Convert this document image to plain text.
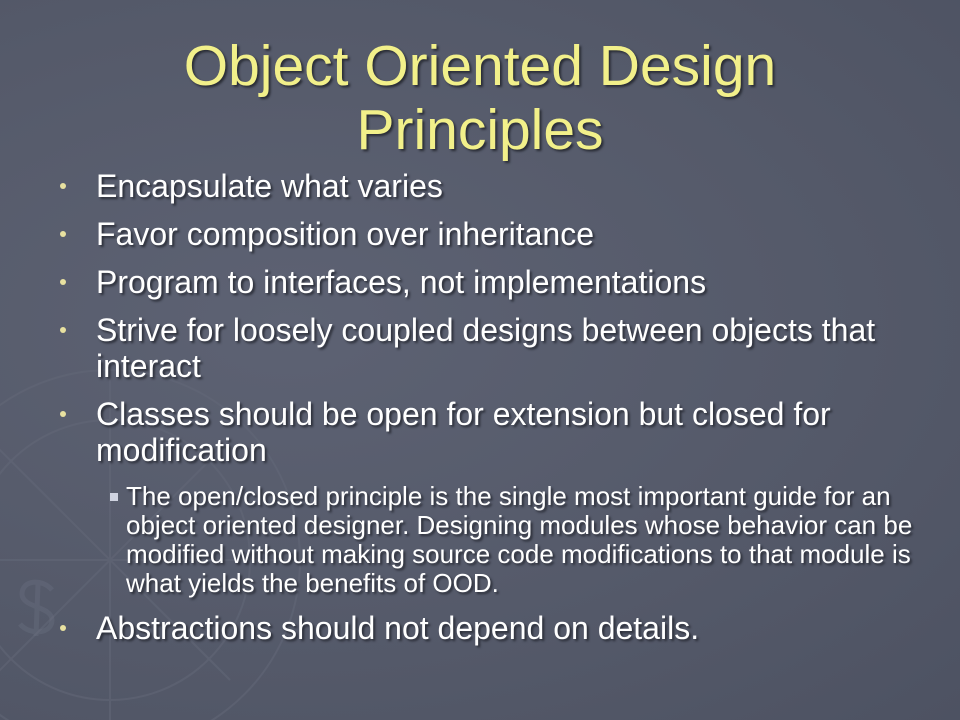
Object Oriented Design
Principles
Encapsulate what varies
Favor composition over inheritance
Program to interfaces, not implementations
Strive for loosely coupled designs between objects that interact
Classes should be open for extension but closed for modification
The open/closed principle is the single most important guide for an object oriented designer. Designing modules whose behavior can be modified without making source code modifications to that module is what yields the benefits of OOD.
Abstractions should not depend on details.
